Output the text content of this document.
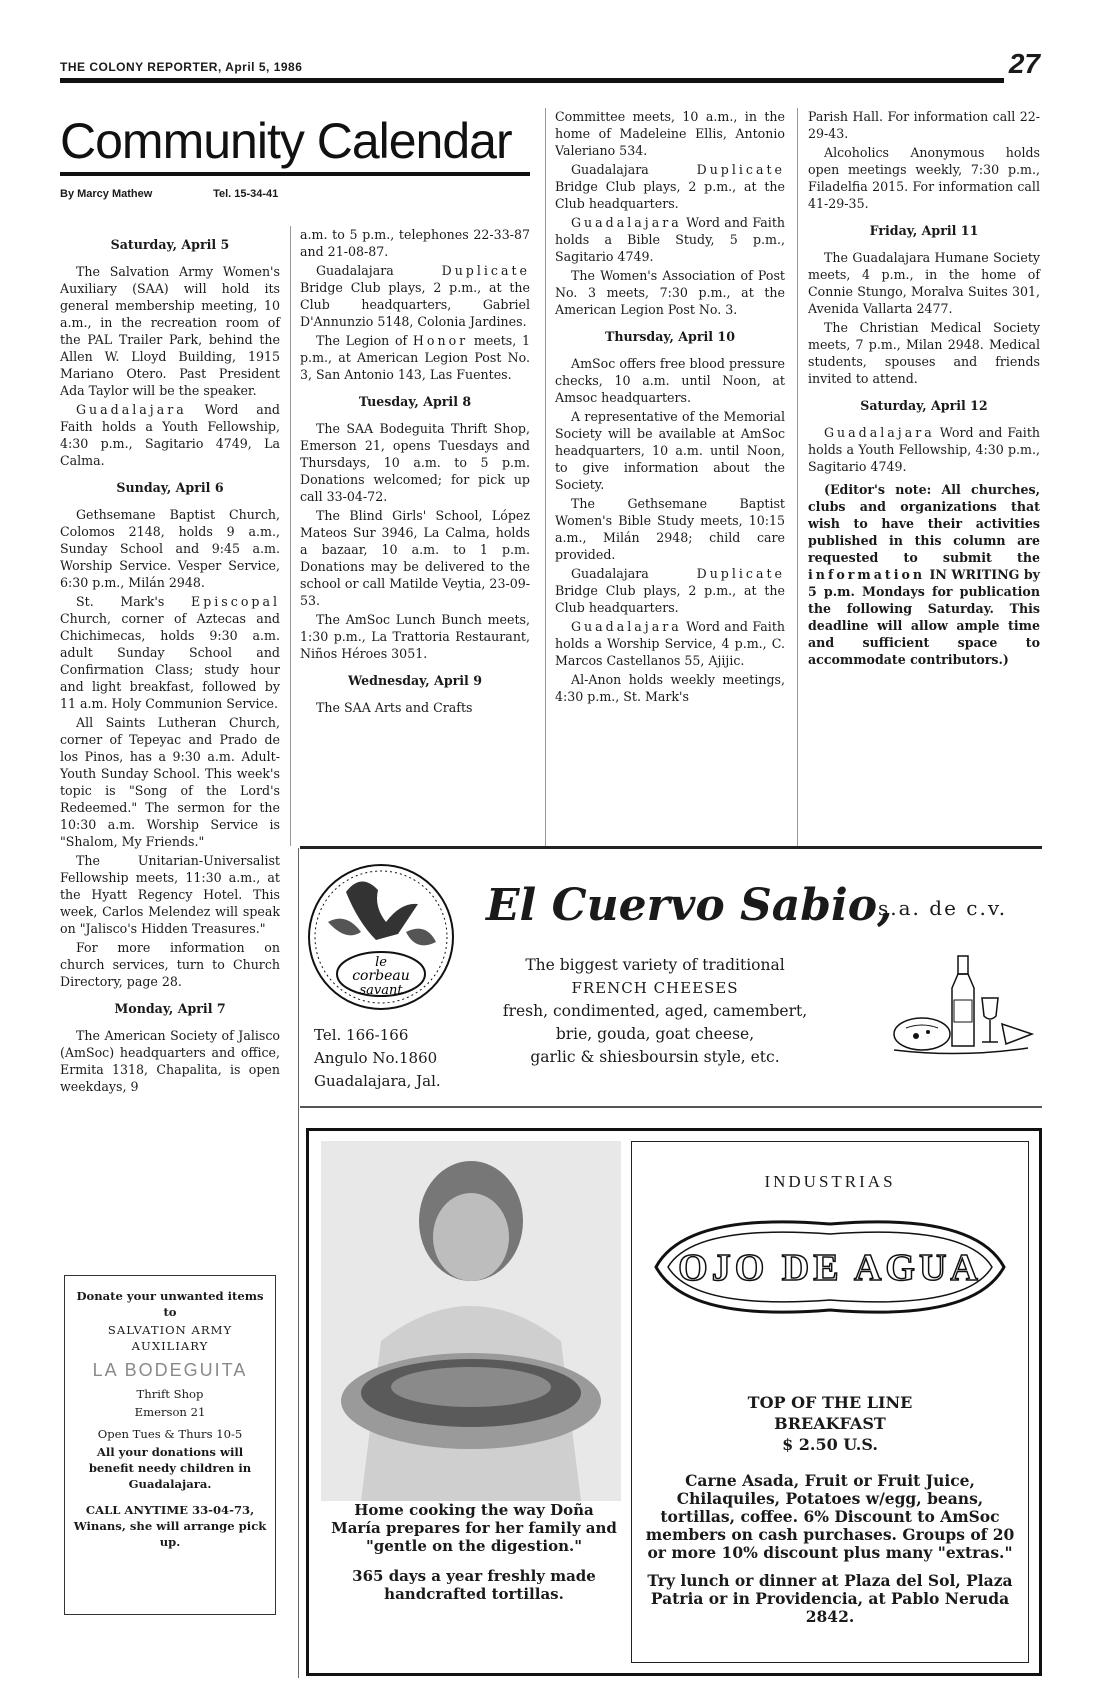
THE COLONY REPORTER, April 5, 1986	27
Community Calendar
By Marcy Mathew	Tel. 15-34-41
Saturday, April 5

The Salvation Army Women's Auxiliary (SAA) will hold its general membership meeting, 10 a.m., in the recreation room of the PAL Trailer Park, behind the Allen W. Lloyd Building, 1915 Mariano Otero. Past President Ada Taylor will be the speaker.

Guadalajara Word and Faith holds a Youth Fellowship, 4:30 p.m., Sagitario 4749, La Calma.

Sunday, April 6

Gethsemane Baptist Church, Colomos 2148, holds 9 a.m., Sunday School and 9:45 a.m. Worship Service. Vesper Service, 6:30 p.m., Milán 2948.

St. Mark's Episcopal Church, corner of Aztecas and Chichimecas, holds 9:30 a.m. adult Sunday School and Confirmation Class; study hour and light breakfast, followed by 11 a.m. Holy Communion Service.

All Saints Lutheran Church, corner of Tepeyac and Prado de los Pinos, has a 9:30 a.m. Adult-Youth Sunday School. This week's topic is "Song of the Lord's Redeemed." The sermon for the 10:30 a.m. Worship Service is "Shalom, My Friends."

The Unitarian-Universalist Fellowship meets, 11:30 a.m., at the Hyatt Regency Hotel. This week, Carlos Melendez will speak on "Jalisco's Hidden Treasures."

For more information on church services, turn to Church Directory, page 28.

Monday, April 7

The American Society of Jalisco (AmSoc) headquarters and office, Ermita 1318, Chapalita, is open weekdays, 9

Donate your unwanted items to

SALVATION ARMY AUXILIARY

LA BODEGUITA

Thrift Shop

Emerson 21

Open Tues & Thurs 10-5

All your donations will benefit needy children in Guadalajara.

CALL ANYTIME 33-04-73, Winans, she will arrange pick up.

a.m. to 5 p.m., telephones 22-33-87 and 21-08-87.

Guadalajara Duplicate Bridge Club plays, 2 p.m., at the Club headquarters, Gabriel D'Annunzio 5148, Colonia Jardines.

The Legion of Honor meets, 1 p.m., at American Legion Post No. 3, San Antonio 143, Las Fuentes.

Tuesday, April 8

The SAA Bodeguita Thrift Shop, Emerson 21, opens Tuesdays and Thursdays, 10 a.m. to 5 p.m. Donations welcomed; for pick up call 33-04-72.

The Blind Girls' School, López Mateos Sur 3946, La Calma, holds a bazaar, 10 a.m. to 1 p.m. Donations may be delivered to the school or call Matilde Veytia, 23-09-53.

The AmSoc Lunch Bunch meets, 1:30 p.m., La Trattoria Restaurant, Niños Héroes 3051.

Wednesday, April 9

The SAA Arts and Crafts

Committee meets, 10 a.m., in the home of Madeleine Ellis, Antonio Valeriano 534.

Guadalajara Duplicate Bridge Club plays, 2 p.m., at the Club headquarters.

Guadalajara Word and Faith holds a Bible Study, 5 p.m., Sagitario 4749.

The Women's Association of Post No. 3 meets, 7:30 p.m., at the American Legion Post No. 3.

Thursday, April 10

AmSoc offers free blood pressure checks, 10 a.m. until Noon, at Amsoc headquarters.

A representative of the Memorial Society will be available at AmSoc headquarters, 10 a.m. until Noon, to give information about the Society.

The Gethsemane Baptist Women's Bible Study meets, 10:15 a.m., Milán 2948; child care provided.

Guadalajara Duplicate Bridge Club plays, 2 p.m., at the Club headquarters.

Guadalajara Word and Faith holds a Worship Service, 4 p.m., C. Marcos Castellanos 55, Ajijic.

Al-Anon holds weekly meetings, 4:30 p.m., St. Mark's

Parish Hall. For information call 22-29-43.

Alcoholics Anonymous holds open meetings weekly, 7:30 p.m., Filadelfia 2015. For information call 41-29-35.

Friday, April 11

The Guadalajara Humane Society meets, 4 p.m., in the home of Connie Stungo, Moralva Suites 301, Avenida Vallarta 2477.

The Christian Medical Society meets, 7 p.m., Milan 2948. Medical students, spouses and friends invited to attend.

Saturday, April 12

Guadalajara Word and Faith holds a Youth Fellowship, 4:30 p.m., Sagitario 4749.

(Editor's note: All churches, clubs and organizations that wish to have their activities published in this column are requested to submit the information IN WRITING by 5 p.m. Mondays for publication the following Saturday. This deadline will allow ample time and sufficient space to accommodate contributors.)

le
corbeau
savant
El Cuervo Sabio,
s.a. de c.v.
The biggest variety of traditional
FRENCH CHEESES
fresh, condimented, aged, camembert,
brie, gouda, goat cheese,
garlic & shiesboursin style, etc.
Tel. 166-166
Angulo No.1860
Guadalajara, Jal.

Home cooking the way Doña María prepares for her family and "gentle on the digestion."

365 days a year freshly made handcrafted tortillas.

INDUSTRIAS
OJO DE AGUA
TOP OF THE LINE
BREAKFAST
$ 2.50 U.S.

Carne Asada, Fruit or Fruit Juice, Chilaquiles, Potatoes w/egg, beans, tortillas, coffee. 6% Discount to AmSoc members on cash purchases. Groups of 20 or more 10% discount plus many "extras."

Try lunch or dinner at Plaza del Sol, Plaza Patria or in Providencia, at Pablo Neruda 2842.
